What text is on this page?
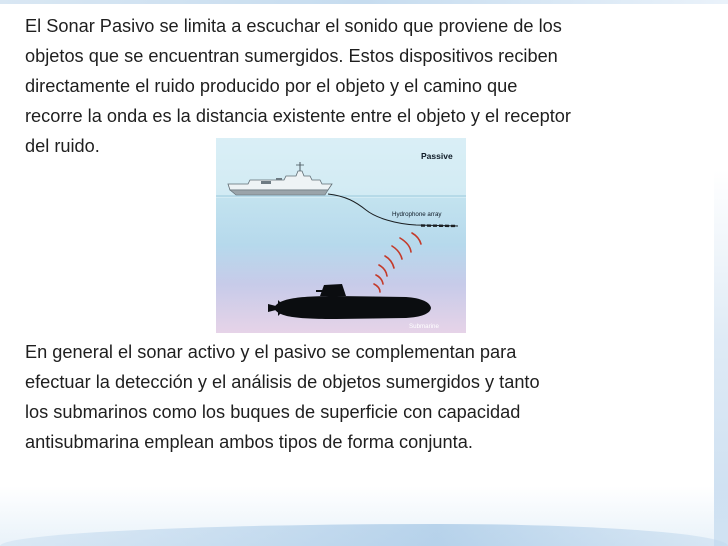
El Sonar Pasivo se limita a escuchar el sonido que proviene de los
objetos que se encuentran sumergidos. Estos dispositivos reciben
directamente el ruido producido por el objeto y el camino que
recorre la onda es la distancia existente entre el objeto y el receptor
del ruido.	Passive
Hydrophone array
Submarine

En general el sonar activo y el pasivo se complementan para
efectuar la detección y el análisis de objetos sumergidos y tanto
los submarinos como los buques de superficie con capacidad
antisubmarina emplean ambos tipos de forma conjunta.
